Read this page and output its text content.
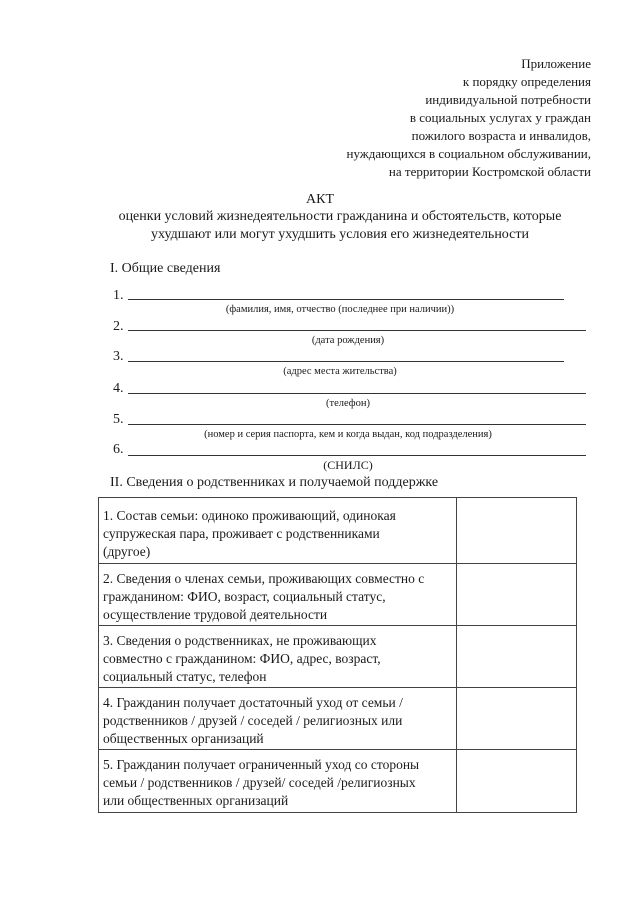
Приложение
к порядку определения
индивидуальной потребности
в социальных услугах у граждан
пожилого возраста и инвалидов,
нуждающихся в социальном обслуживании,
на территории Костромской области
АКТ
оценки условий жизнедеятельности гражданина и обстоятельств, которые
ухудшают или могут ухудшить условия его жизнедеятельности
I. Общие сведения
1.
(фамилия, имя, отчество (последнее при наличии))
2.
(дата рождения)
3.
(адрес места жительства)
4.
(телефон)
5.
(номер и серия паспорта, кем и когда выдан, код подразделения)
6.
(СНИЛС)
II. Сведения о родственниках и получаемой поддержке
1. Состав семьи: одиноко проживающий, одинокая
супружеская пара, проживает с родственниками
(другое)
2. Сведения о членах семьи, проживающих совместно с
гражданином: ФИО, возраст, социальный статус,
осуществление трудовой деятельности
3. Сведения о родственниках, не проживающих
совместно с гражданином: ФИО, адрес, возраст,
социальный статус, телефон
4. Гражданин получает достаточный уход от семьи /
родственников / друзей / соседей / религиозных или
общественных организаций
5. Гражданин получает ограниченный уход со стороны
семьи / родственников / друзей/ соседей /религиозных
или общественных организаций
